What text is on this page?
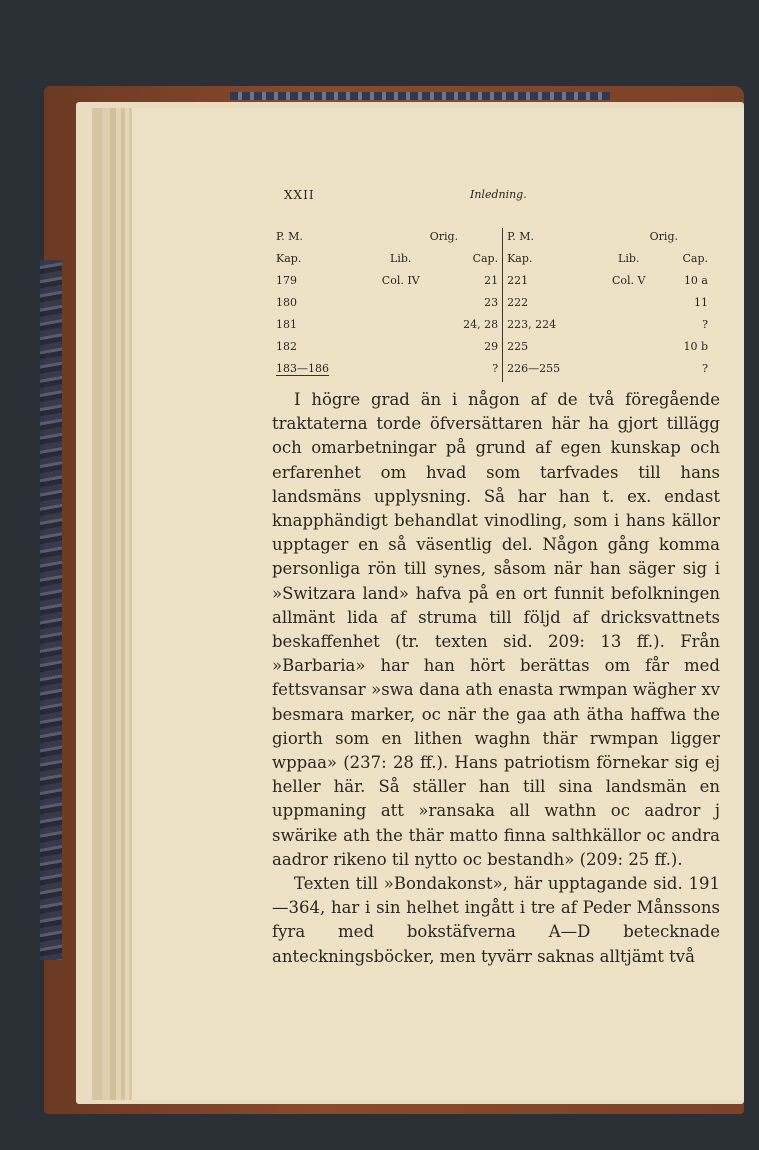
XXII	Inledning.
P. M.	Orig.		P. M.	Orig.	
Kap.	Lib.	Cap.	Kap.	Lib.	Cap.
179	Col. IV	21	221	Col. V	10 a
180		23	222		11
181		24, 28	223, 224		?
182		29	225		10 b
183—186		?	226—255		?

I högre grad än i någon af de två föregående traktaterna torde öfversättaren här ha gjort tillägg och omarbetningar på grund af egen kunskap och erfarenhet om hvad som tarfvades till hans landsmäns upplysning. Så har han t. ex. endast knapphändigt behandlat vinodling, som i hans källor upptager en så väsentlig del. Någon gång komma personliga rön till synes, såsom när han säger sig i »Switzara land» hafva på en ort funnit befolkningen allmänt lida af struma till följd af dricksvattnets beskaffenhet (tr. texten sid. 209: 13 ff.). Från »Barbaria» har han hört berättas om får med fettsvansar »swa dana ath enasta rwmpan wägher xv besmara marker, oc när the gaa ath ätha haffwa the giorth som en lithen waghn thär rwmpan ligger wppaa» (237: 28 ff.). Hans patriotism förnekar sig ej heller här. Så ställer han till sina landsmän en uppmaning att »ransaka all wathn oc aadror j swärike ath the thär matto finna salthkällor oc andra aadror rikeno til nytto oc bestandh» (209: 25 ff.).

Texten till »Bondakonst», här upptagande sid. 191—364, har i sin helhet ingått i tre af Peder Månssons fyra med bokstäfverna A—D betecknade anteckningsböcker, men tyvärr saknas alltjämt två
